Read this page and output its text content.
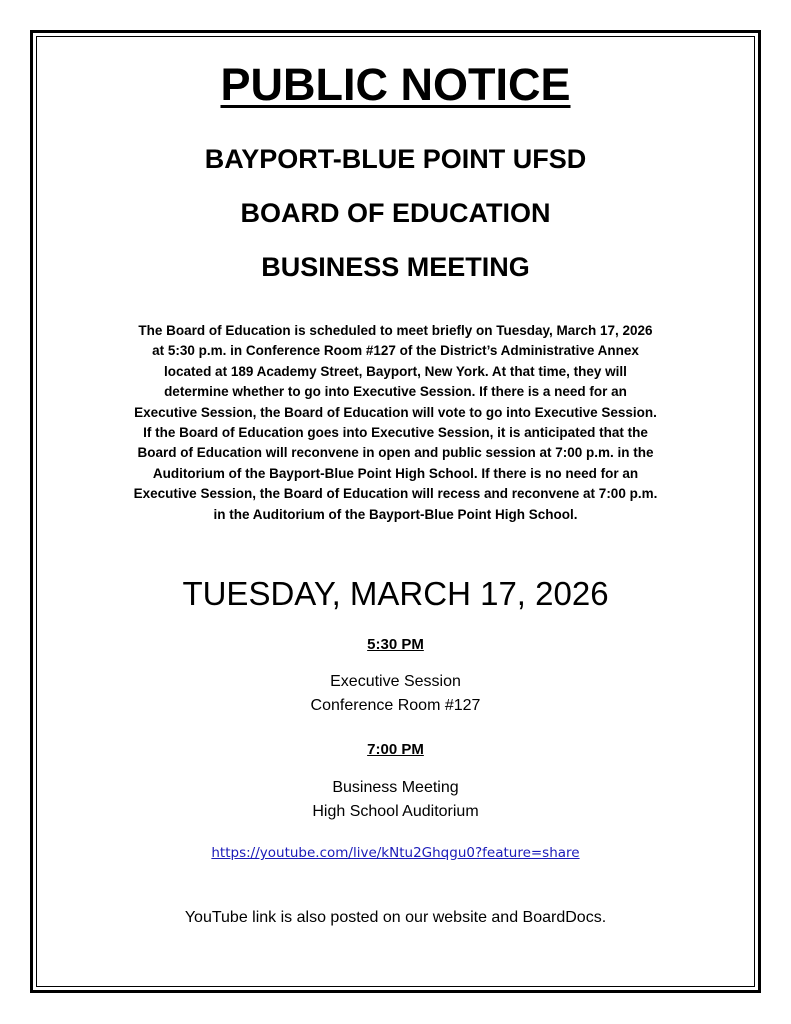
PUBLIC NOTICE
BAYPORT-BLUE POINT UFSD
BOARD OF EDUCATION
BUSINESS MEETING

The Board of Education is scheduled to meet briefly on Tuesday, March 17, 2026
at 5:30 p.m. in Conference Room #127 of the District’s Administrative Annex
located at 189 Academy Street, Bayport, New York. At that time, they will
determine whether to go into Executive Session. If there is a need for an
Executive Session, the Board of Education will vote to go into Executive Session.
If the Board of Education goes into Executive Session, it is anticipated that the
Board of Education will reconvene in open and public session at 7:00 p.m. in the
Auditorium of the Bayport-Blue Point High School. If there is no need for an
Executive Session, the Board of Education will recess and reconvene at 7:00 p.m.
in the Auditorium of the Bayport-Blue Point High School.

TUESDAY, MARCH 17, 2026
5:30 PM
Executive Session
Conference Room #127
7:00 PM
Business Meeting
High School Auditorium
https://youtube.com/live/kNtu2Ghqgu0?feature=share
YouTube link is also posted on our website and BoardDocs.
